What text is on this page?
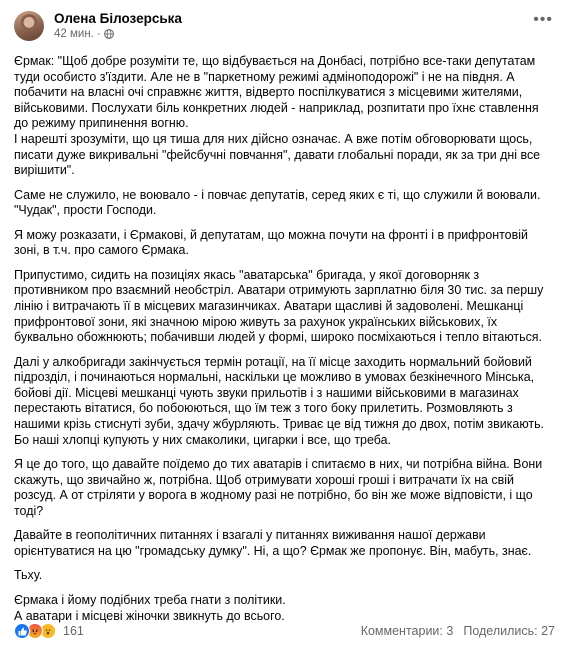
Олена Білозерська
42 мин. ·
•••

Єрмак: "Щоб добре розуміти те, що відбувається на Донбасі, потрібно все-таки депутатам туди особисто з'їздити. Але не в "паркетному режимі адміноподорожі" і не на півдня. А побачити на власні очі справжнє життя, відверто поспілкуватися з місцевими жителями, військовими. Послухати біль конкретних людей - наприклад, розпитати про їхнє ставлення до режиму припинення вогню.
І нарешті зрозуміти, що ця тиша для них дійсно означає. А вже потім обговорювати щось, писати дуже викривальні "фейсбучні повчання", давати глобальні поради, як за три дні все вирішити".

Саме не служило, не воювало - і повчає депутатів, серед яких є ті, що служили й воювали. "Чудак", прости Господи.

Я можу розказати, і Єрмакові, й депутатам, що можна почути на фронті і в прифронтовій зоні, в т.ч. про самого Єрмака.

Припустимо, сидить на позиціях якась "аватарська" бригада, у якої договорняк з противником про взаємний необстріл. Аватари отримують зарплатню біля 30 тис. за першу лінію і витрачають її в місцевих магазинчиках. Аватари щасливі й задоволені. Мешканці прифронтової зони, які значною мірою живуть за рахунок українських військових, їх буквально обожнюють; побачивши людей у формі, широко посміхаються і тепло вітаються.

Далі у алкобригади закінчується термін ротації, на її місце заходить нормальний бойовий підрозділ, і починаються нормальні, наскільки це можливо в умовах безкінечного Мінська, бойові дії. Місцеві мешканці чують звуки прильотів і з нашими військовими в магазинах перестають вітатися, бо побоюються, що їм теж з того боку прилетить. Розмовляють з нашими крізь стиснуті зуби, здачу жбурляють. Триває це від тижня до двох, потім звикають. Бо наші хлопці купують у них смаколики, цигарки і все, що треба.

Я це до того, що давайте поїдемо до тих аватарів і спитаємо в них, чи потрібна війна. Вони скажуть, що звичайно ж, потрібна. Щоб отримувати хороші гроші і витрачати їх на свій розсуд. А от стріляти у ворога в жодному разі не потрібно, бо він же може відповісти, і що тоді?

Давайте в геополітичних питаннях і взагалі у питаннях виживання нашої держави орієнтуватися на цю "громадську думку". Ні, а що? Єрмак же пропонує. Він, мабуть, знає.

Тьху.

Єрмака і йому подібних треба гнати з політики.
А аватари і місцеві жіночки звикнуть до всього.

161	Комментарии: 3 Поделились: 27
